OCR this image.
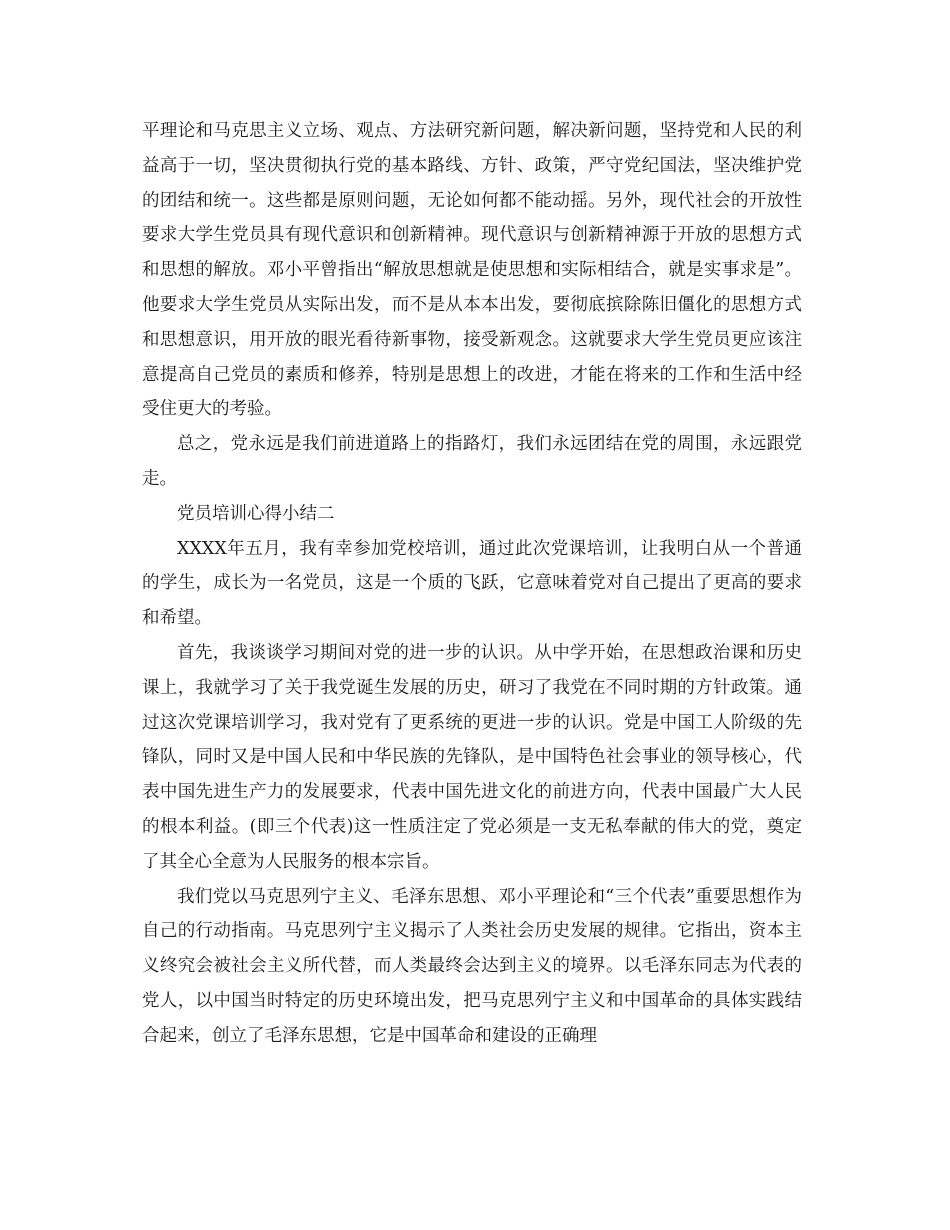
平理论和马克思主义立场、观点、方法研究新问题，解决新问题，坚持党和人民的利益高于一切，坚决贯彻执行党的基本路线、方针、政策，严守党纪国法，坚决维护党的团结和统一。这些都是原则问题，无论如何都不能动摇。另外，现代社会的开放性要求大学生党员具有现代意识和创新精神。现代意识与创新精神源于开放的思想方式和思想的解放。邓小平曾指出“解放思想就是使思想和实际相结合，就是实事求是”。他要求大学生党员从实际出发，而不是从本本出发，要彻底摈除陈旧僵化的思想方式和思想意识，用开放的眼光看待新事物，接受新观念。这就要求大学生党员更应该注意提高自己党员的素质和修养，特别是思想上的改进，才能在将来的工作和生活中经受住更大的考验。

总之，党永远是我们前进道路上的指路灯，我们永远团结在党的周围，永远跟党走。

党员培训心得小结二

XXXX年五月，我有幸参加党校培训，通过此次党课培训，让我明白从一个普通的学生，成长为一名党员，这是一个质的飞跃，它意味着党对自己提出了更高的要求和希望。

首先，我谈谈学习期间对党的进一步的认识。从中学开始，在思想政治课和历史课上，我就学习了关于我党诞生发展的历史，研习了我党在不同时期的方针政策。通过这次党课培训学习，我对党有了更系统的更进一步的认识。党是中国工人阶级的先锋队，同时又是中国人民和中华民族的先锋队，是中国特色社会事业的领导核心，代表中国先进生产力的发展要求，代表中国先进文化的前进方向，代表中国最广大人民的根本利益。(即三个代表)这一性质注定了党必须是一支无私奉献的伟大的党，奠定了其全心全意为人民服务的根本宗旨。

我们党以马克思列宁主义、毛泽东思想、邓小平理论和“三个代表”重要思想作为自己的行动指南。马克思列宁主义揭示了人类社会历史发展的规律。它指出，资本主义终究会被社会主义所代替，而人类最终会达到主义的境界。以毛泽东同志为代表的党人，以中国当时特定的历史环境出发，把马克思列宁主义和中国革命的具体实践结合起来，创立了毛泽东思想，它是中国革命和建设的正确理
